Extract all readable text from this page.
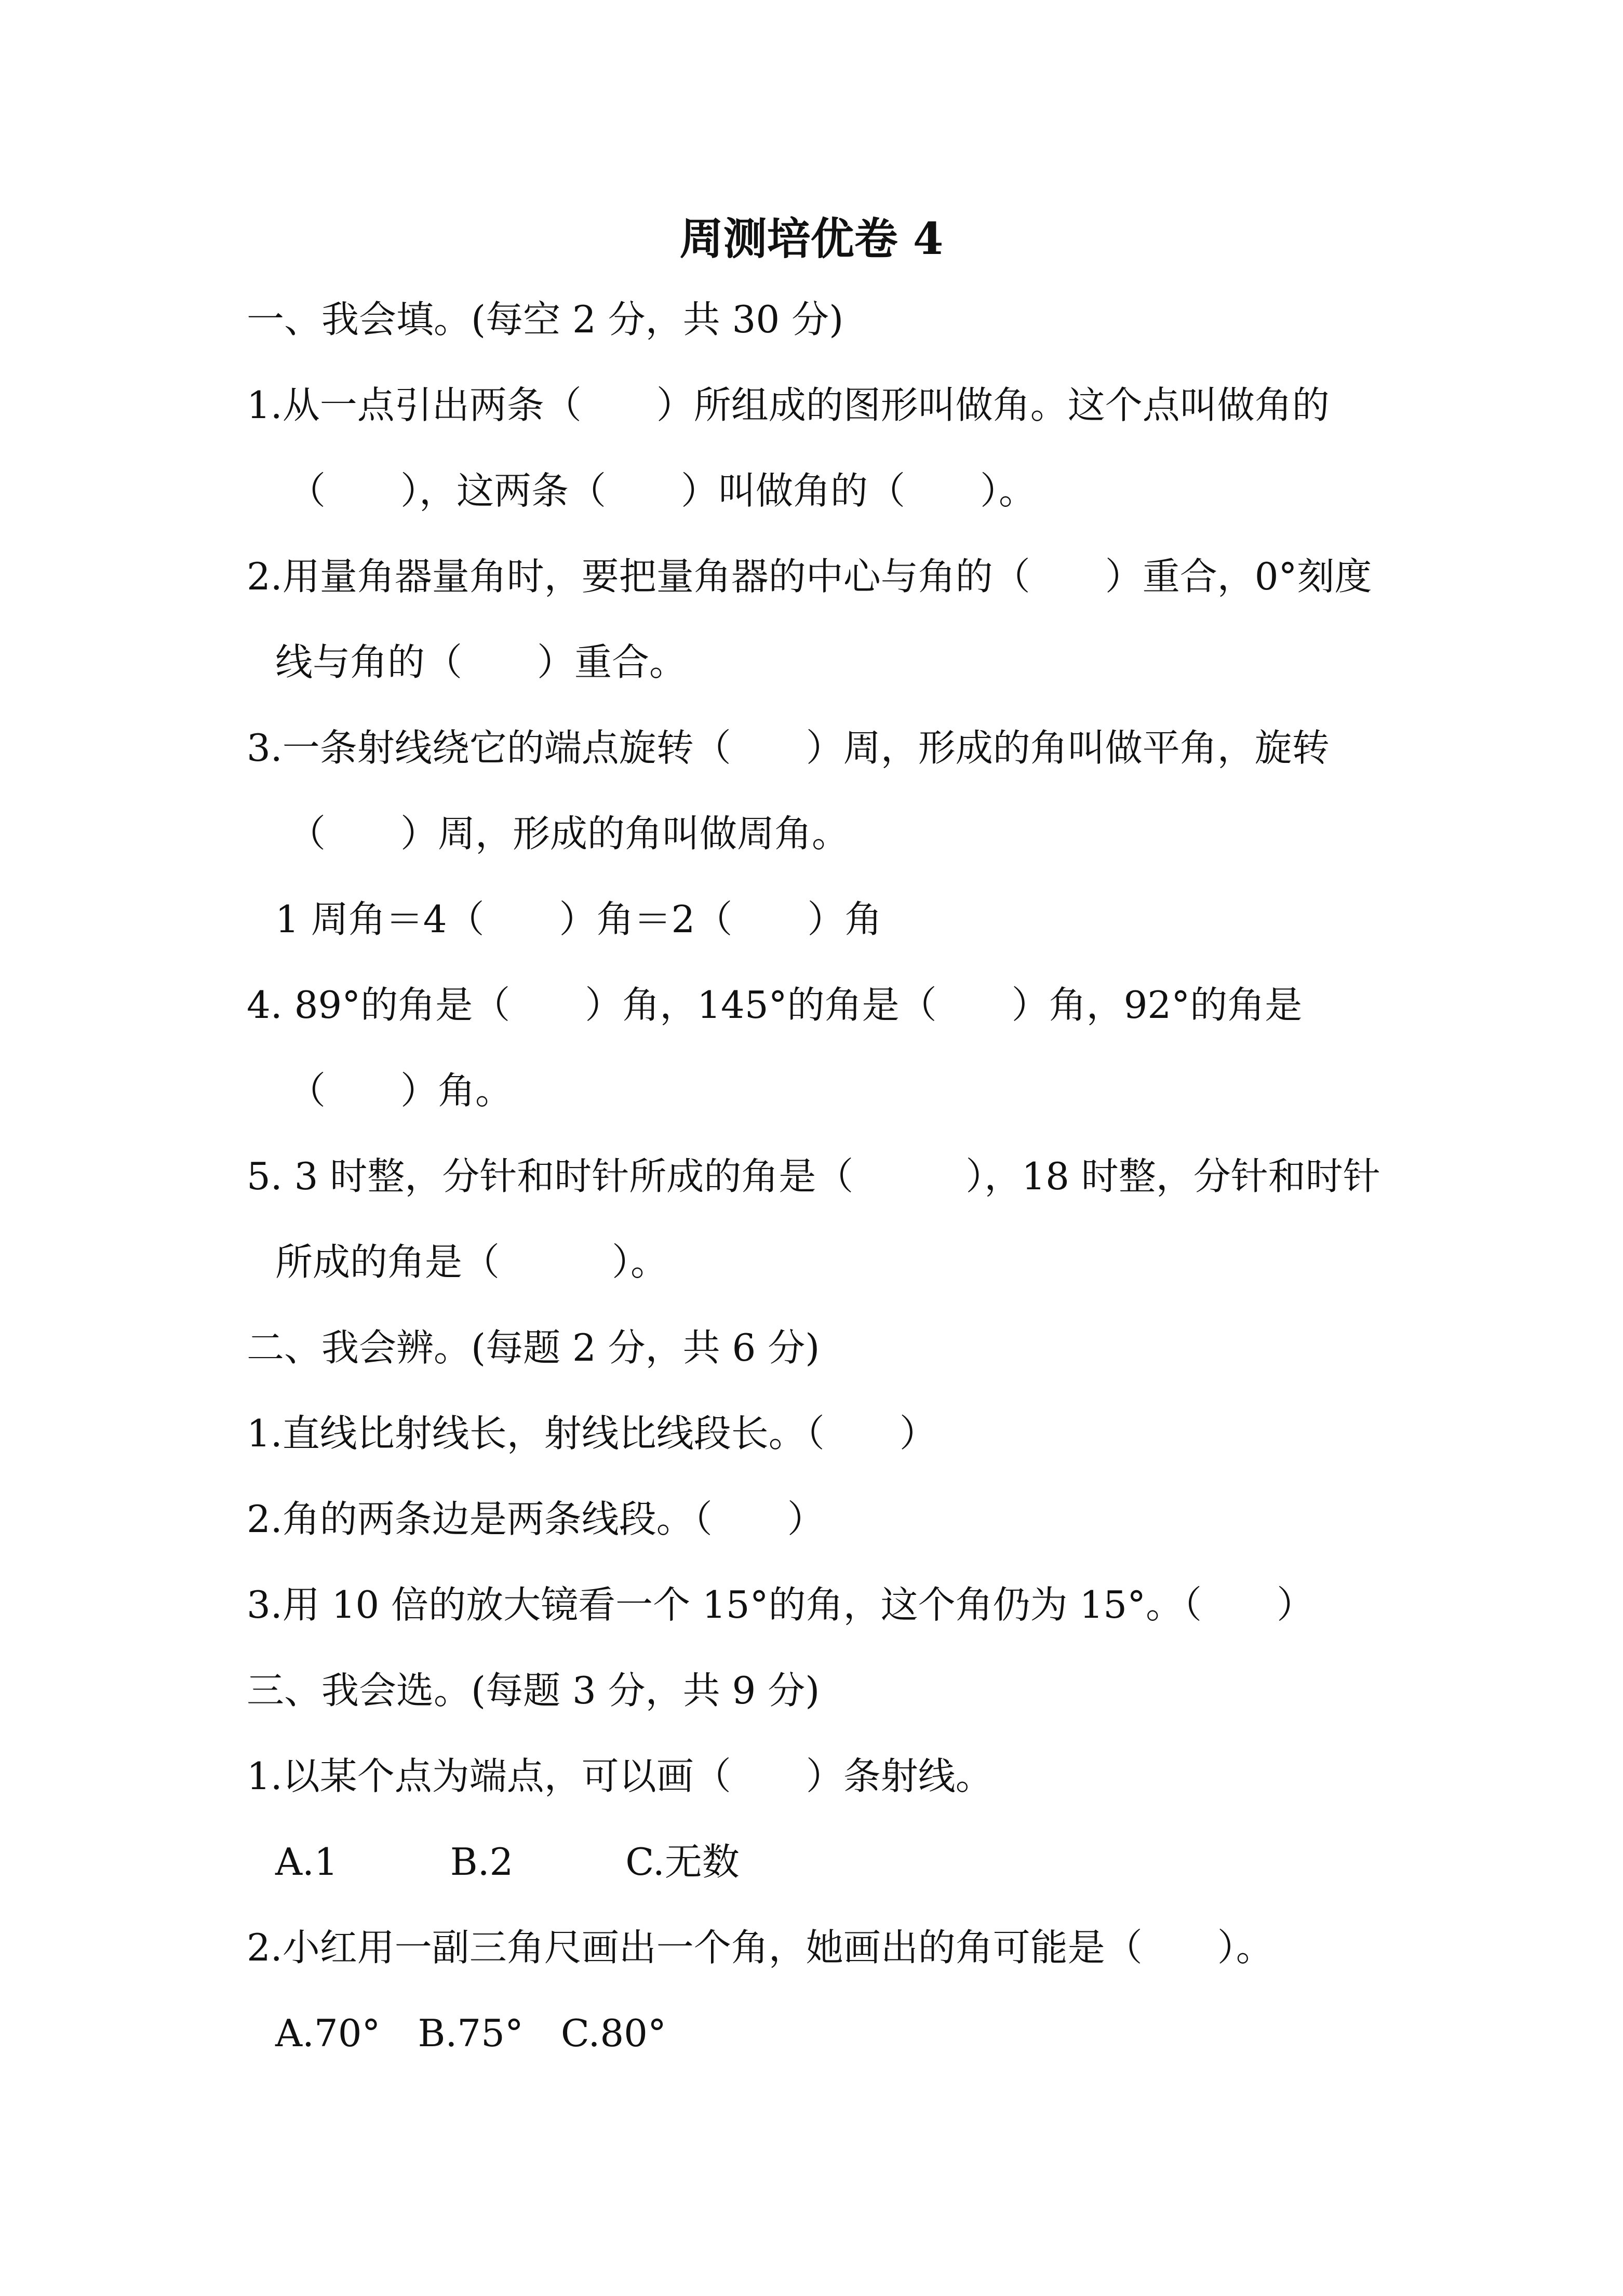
周测培优卷 4
一、我会填。(每空 2 分，共 30 分)
1.从一点引出两条（　　）所组成的图形叫做角。这个点叫做角的
（　　），这两条（　　）叫做角的（　　）。
2.用量角器量角时，要把量角器的中心与角的（　　）重合，0°刻度
线与角的（　　）重合。
3.一条射线绕它的端点旋转（　　）周，形成的角叫做平角，旋转
（　　）周，形成的角叫做周角。
1 周角＝4（　　）角＝2（　　）角
4. 89°的角是（　　）角，145°的角是（　　）角，92°的角是
（　　）角。
5. 3 时整，分针和时针所成的角是（　　　），18 时整，分针和时针
所成的角是（　　　）。
二、我会辨。(每题 2 分，共 6 分)
1.直线比射线长，射线比线段长。（　　）
2.角的两条边是两条线段。（　　）
3.用 10 倍的放大镜看一个 15°的角，这个角仍为 15°。（　　）
三、我会选。(每题 3 分，共 9 分)
1.以某个点为端点，可以画（　　）条射线。
A.1　　　B.2　　　C.无数
2.小红用一副三角尺画出一个角，她画出的角可能是（　　）。
A.70°　B.75°　C.80°
